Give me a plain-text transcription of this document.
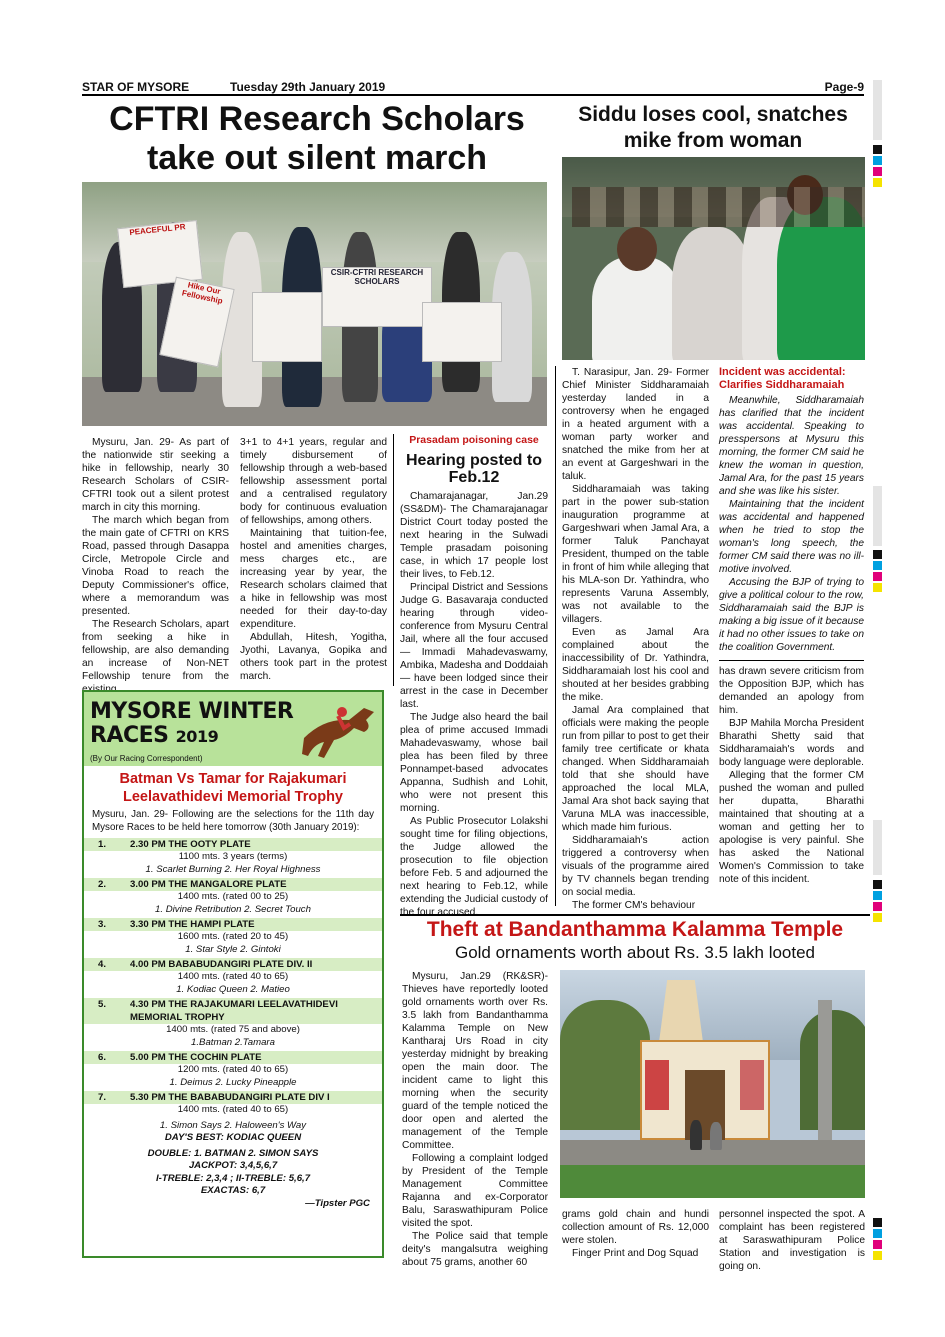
STAR OF MYSORE	Tuesday 29th January 2019	Page-9
CFTRI Research Scholars
take out silent march
PEACEFUL PR
Hike Our Fellowship
CSIR-CFTRI RESEARCH SCHOLARS

Mysuru, Jan. 29- As part of the nationwide stir seeking a hike in fellowship, nearly 30 Research Scholars of CSIR-CFTRI took out a silent protest march in city this morning.

The march which began from the main gate of CFTRI on KRS Road, passed through Dasappa Circle, Metropole Circle and Vinoba Road to reach the Deputy Commissioner's office, where a memorandum was presented.

The Research Scholars, apart from seeking a hike in fellowship, are also demanding an increase of Non-NET Fellowship tenure from the

3+1 to 4+1 years, regular and timely disbursement of fellowship through a web-based fellowship assessment portal and a centralised regulatory body for continuous evaluation of fellowships, among others.

Maintaining that tuition-fee, hostel and amenities charges, mess charges etc., are increasing year by year, the Research scholars claimed that a hike in fellowship was most needed for their day-to-day expenditure.

Abdullah, Hitesh, Yogitha, Jyothi, Lavanya, Gopika and others took part in the protest march.

Prasadam poisoning case
Hearing posted to
Feb.12

Chamarajanagar, Jan.29 (SS&DM)- The Chamarajanagar District Court today posted the next hearing in the Sulwadi Temple prasadam poisoning case, in which 17 people lost their lives, to Feb.12.

Principal District and Sessions Judge G. Basavaraja conducted hearing through video-conference from Mysuru Central Jail, where all the four accused — Immadi Mahadevaswamy, Ambika, Madesha and Doddaiah — have been lodged since their arrest in the case in December last.

The Judge also heard the bail plea of prime accused Immadi Mahadevaswamy, whose bail plea has been filed by three Ponnampet-based advocates Appanna, Sudhish and Lohit, who were not present this morning.

As Public Prosecutor Lolakshi sought time for filing objections, the Judge allowed the prosecution to file objection before Feb. 5 and adjourned the next hearing to Feb.12, while extending the Judicial custody of the four accused.

Siddu loses cool, snatches
mike from woman

T. Narasipur, Jan. 29- Former Chief Minister Siddharamaiah yesterday landed in a controversy when he engaged in a heated argument with a woman party worker and snatched the mike from her at an event at Gargeshwari in the taluk.

Siddharamaiah was taking part in the power sub-station inauguration programme at Gargeshwari when Jamal Ara, a former Taluk Panchayat President, thumped on the table in front of him while alleging that his MLA-son Dr. Yathindra, who represents Varuna Assembly, was not available to the villagers.

Even as Jamal Ara complained about the inaccessibility of Dr. Yathindra, Siddharamaiah lost his cool and shouted at her besides grabbing the mike.

Jamal Ara complained that officials were making the people run from pillar to post to get their family tree certificate or khata changed. When Siddharamaiah told that she should have approached the local MLA, Jamal Ara shot back saying that Varuna MLA was inaccessible, which made him furious.

Siddharamaiah's action triggered a controversy when visuals of the programme aired by TV channels began trending on social media.

The former CM's behaviour

Incident was accidental:
Clarifies Siddharamaiah

Meanwhile, Siddharamaiah has clarified that the incident was accidental. Speaking to presspersons at Mysuru this morning, the former CM said he knew the woman in question, Jamal Ara, for the past 15 years and she was like his sister.

Maintaining that the incident was accidental and happened when he tried to stop the woman's long speech, the former CM said there was no ill-motive involved.

Accusing the BJP of trying to give a political colour to the row, Siddharamaiah said the BJP is making a big issue of it because it had no other issues to take on the coalition Government.

has drawn severe criticism from the Opposition BJP, which has demanded an apology from him.

BJP Mahila Morcha President Bharathi Shetty said that Siddharamaiah's words and body language were deplorable.

Alleging that the former CM pushed the woman and pulled her dupatta, Bharathi maintained that shouting at a woman and getting her to apologise is very painful. She has asked the National Women's Commission to take note of this incident.

MYSORE WINTER
RACES 2019
(By Our Racing Correspondent)
Batman Vs Tamar for Rajakumari
Leelavathidevi Memorial Trophy
Mysuru, Jan. 29- Following are the selections for the 11th day Mysore Races to be held here tomorrow (30th January 2019):
1. 2.30 PM THE OOTY PLATE
1100 mts. 3 years (terms)
1. Scarlet Burning 2. Her Royal Highness
2. 3.00 PM THE MANGALORE PLATE
1400 mts. (rated 00 to 25)
1. Divine Retribution 2. Secret Touch
3. 3.30 PM THE HAMPI PLATE
1600 mts. (rated 20 to 45)
1. Star Style 2. Gintoki
4. 4.00 PM BABABUDANGIRI PLATE DIV. II
1400 mts. (rated 40 to 65)
1. Kodiac Queen 2. Matieo
5. 4.30 PM THE RAJAKUMARI LEELAVATHIDEVI MEMORIAL TROPHY
1400 mts. (rated 75 and above)
1.Batman 2.Tamara
6. 5.00 PM THE COCHIN PLATE
1200 mts. (rated 40 to 65)
1. Deimus 2. Lucky Pineapple
7. 5.30 PM THE BABABUDANGIRI PLATE DIV I
1400 mts. (rated 40 to 65)
1. Simon Says 2. Haloween's Way
DAY'S BEST: KODIAC QUEEN
DOUBLE: 1. BATMAN 2. SIMON SAYS
JACKPOT: 3,4,5,6,7
I-TREBLE: 2,3,4 ; II-TREBLE: 5,6,7
EXACTAS: 6,7
—Tipster PGC
Theft at Bandanthamma Kalamma Temple
Gold ornaments worth about Rs. 3.5 lakh looted

Mysuru, Jan.29 (RK&SR)- Thieves have reportedly looted gold ornaments worth over Rs. 3.5 lakh from Bandanthamma Kalamma Temple on New Kantharaj Urs Road in city yesterday midnight by breaking open the main door. The incident came to light this morning when the security guard of the temple noticed the door open and alerted the management of the Temple Committee.

Following a complaint lodged by President of the Temple Management Committee Rajanna and ex-Corporator Balu, Saraswathipuram Police visited the spot.

The Police said that temple deity's mangalsutra weighing about 75 grams, another 60

grams gold chain and hundi collection amount of Rs. 12,000 were stolen.

Finger Print and Dog Squad

personnel inspected the spot. A complaint has been registered at Saraswathipuram Police Station and investigation is going on.
